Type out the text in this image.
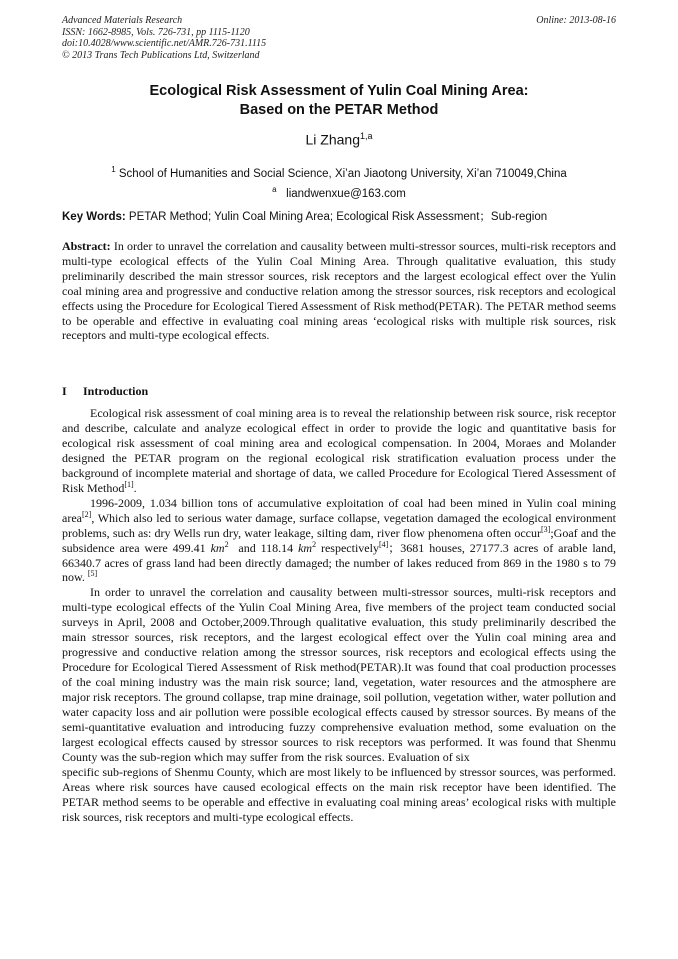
Advanced Materials Research
ISSN: 1662-8985, Vols. 726-731, pp 1115-1120
doi:10.4028/www.scientific.net/AMR.726-731.1115
© 2013 Trans Tech Publications Ltd, Switzerland
Online: 2013-08-16
Ecological Risk Assessment of Yulin Coal Mining Area:
Based on the PETAR Method
Li Zhang$^{1,a}$
$^1$ School of Humanities and Social Science, Xi’an Jiaotong University, Xi’an 710049,China
$^a$ liandwenxue@163.com
Key Words: PETAR Method; Yulin Coal Mining Area; Ecological Risk Assessment；Sub-region
Abstract: In order to unravel the correlation and causality between multi-stressor sources, multi-risk receptors and multi-type ecological effects of the Yulin Coal Mining Area. Through qualitative evaluation, this study preliminarily described the main stressor sources, risk receptors and the largest ecological effect over the Yulin coal mining area and progressive and conductive relation among the stressor sources, risk receptors and ecological effects using the Procedure for Ecological Tiered Assessment of Risk method(PETAR). The PETAR method seems to be operable and effective in evaluating coal mining areas ‘ecological risks with multiple risk sources, risk receptors and multi-type ecological effects.
I Introduction

Ecological risk assessment of coal mining area is to reveal the relationship between risk source, risk receptor and describe, calculate and analyze ecological effect in order to provide the logic and quantitative basis for ecological risk assessment of coal mining area and ecological compensation. In 2004, Moraes and Molander designed the PETAR program on the regional ecological risk stratification evaluation process under the background of incomplete material and shortage of data, we called Procedure for Ecological Tiered Assessment of Risk Method[1].

1996-2009, 1.034 billion tons of accumulative exploitation of coal had been mined in Yulin coal mining area[2], Which also led to serious water damage, surface collapse, vegetation damaged the ecological environment problems, such as: dry Wells run dry, water leakage, silting dam, river flow phenomena often occur[3];Goaf and the subsidence area were 499.41 $km^2$ and 118.14 $km^2$ respectively[4]；3681 houses, 27177.3 acres of arable land, 66340.7 acres of grass land had been directly damaged; the number of lakes reduced from 869 in the 1980 s to 79 now. [5]

In order to unravel the correlation and causality between multi-stressor sources, multi-risk receptors and multi-type ecological effects of the Yulin Coal Mining Area, five members of the project team conducted social surveys in April, 2008 and October,2009.Through qualitative evaluation, this study preliminarily described the main stressor sources, risk receptors, and the largest ecological effect over the Yulin coal mining area and progressive and conductive relation among the stressor sources, risk receptors and ecological effects using the Procedure for Ecological Tiered Assessment of Risk method(PETAR).It was found that coal production processes of the coal mining industry was the main risk source; land, vegetation, water resources and the atmosphere are major risk receptors. The ground collapse, trap mine drainage, soil pollution, vegetation wither, water pollution and water capacity loss and air pollution were possible ecological effects caused by stressor sources. By means of the semi-quantitative evaluation and introducing fuzzy comprehensive evaluation method, some evaluation on the largest ecological effects caused by stressor sources to risk receptors was performed. It was found that Shenmu County was the sub-region which may suffer from the risk sources. Evaluation of six

specific sub-regions of Shenmu County, which are most likely to be influenced by stressor sources, was performed. Areas where risk sources have caused ecological effects on the main risk receptor have been identified. The PETAR method seems to be operable and effective in evaluating coal mining areas’ ecological risks with multiple risk sources, risk receptors and multi-type ecological effects.
